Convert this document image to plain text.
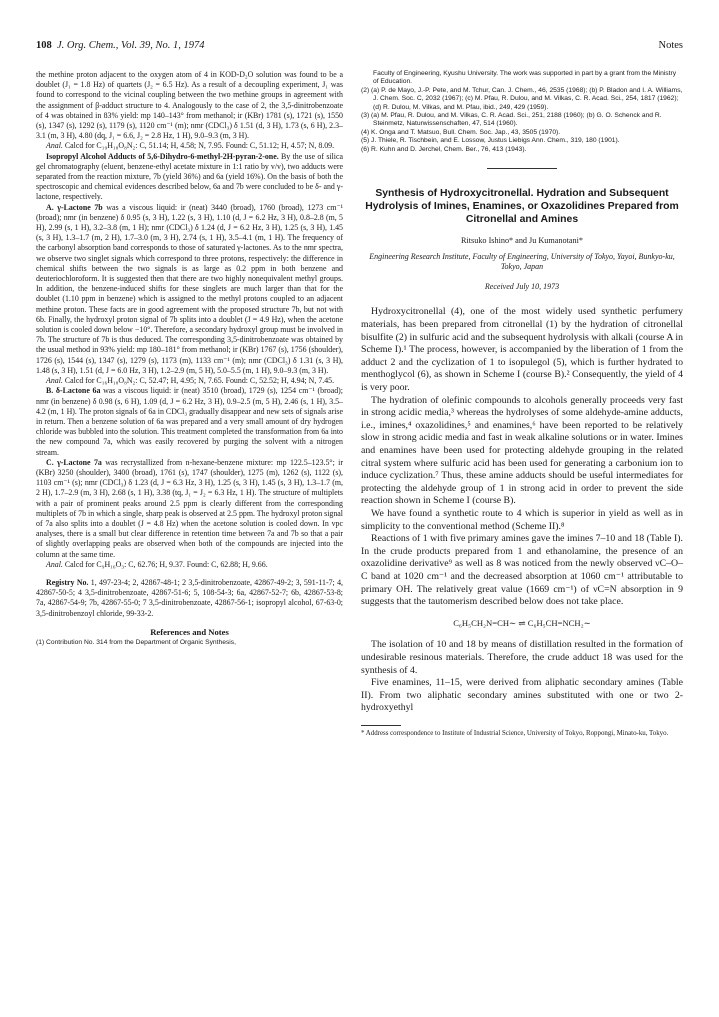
108 J. Org. Chem., Vol. 39, No. 1, 1974	Notes

the methine proton adjacent to the oxygen atom of 4 in KOD-D₂O solution was found to be a doublet (J₁ = 1.8 Hz) of quartets (J₂ = 6.5 Hz). As a result of a decoupling experiment, J₁ was found to correspond to the vicinal coupling between the two methine groups in agreement with the assignment of β-adduct structure to 4. Analogously to the case of 2, the 3,5-dinitrobenzoate of 4 was obtained in 83% yield: mp 140–143° from methanol; ir (KBr) 1781 (s), 1721 (s), 1550 (s), 1347 (s), 1292 (s), 1179 (s), 1120 cm⁻¹ (m); nmr (CDCl₃) δ 1.51 (d, 3 H), 1.73 (s, 6 H), 2.3–3.1 (m, 3 H), 4.80 (dq, J₁ = 6.6, J₂ = 2.8 Hz, 1 H), 9.0–9.3 (m, 3 H).

Anal. Calcd for C₁₉H₁₈O₈N₂: C, 51.14; H, 4.58; N, 7.95. Found: C, 51.12; H, 4.57; N, 8.09.

Isopropyl Alcohol Adducts of 5,6-Dihydro-6-methyl-2H-pyran-2-one. By the use of silica gel chromatography (eluent, benzene-ethyl acetate mixture in 1:1 ratio by v/v), two adducts were separated from the reaction mixture, 7b (yield 36%) and 6a (yield 16%). On the basis of both the spectroscopic and chemical evidences described below, 6a and 7b were concluded to be δ- and γ-lactone, respectively.

A. γ-Lactone 7b was a viscous liquid: ir (neat) 3440 (broad), 1760 (broad), 1273 cm⁻¹ (broad); nmr (in benzene) δ 0.95 (s, 3 H), 1.22 (s, 3 H), 1.10 (d, J = 6.2 Hz, 3 H), 0.8–2.8 (m, 5 H), 2.99 (s, 1 H), 3.2–3.8 (m, 1 H); nmr (CDCl₃) δ 1.24 (d, J = 6.2 Hz, 3 H), 1.25 (s, 3 H), 1.45 (s, 3 H), 1.3–1.7 (m, 2 H), 1.7–3.0 (m, 3 H), 2.74 (s, 1 H), 3.5–4.1 (m, 1 H). The frequency of the carbonyl absorption band corresponds to those of saturated γ-lactones. As to the nmr spectra, we observe two singlet signals which correspond to three protons, respectively: the difference in chemical shifts between the two signals is as large as 0.2 ppm in both benzene and deuteriochloroform. It is suggested then that there are two highly nonequivalent methyl groups. In addition, the benzene-induced shifts for these singlets are much larger than that for the doublet (1.10 ppm in benzene) which is assigned to the methyl protons coupled to an adjacent methine proton. These facts are in good agreement with the proposed structure 7b, but not with 6b. Finally, the hydroxyl proton signal of 7b splits into a doublet (J = 4.9 Hz), when the acetone solution is cooled down below −10°. Therefore, a secondary hydroxyl group must be involved in 7b. The structure of 7b is thus deduced. The corresponding 3,5-dinitrobenzoate was obtained by the usual method in 93% yield: mp 180–181° from methanol; ir (KBr) 1767 (s), 1756 (shoulder), 1726 (s), 1544 (s), 1347 (s), 1279 (s), 1173 (m), 1133 cm⁻¹ (m); nmr (CDCl₃) δ 1.31 (s, 3 H), 1.48 (s, 3 H), 1.51 (d, J = 6.0 Hz, 3 H), 1.2–2.9 (m, 5 H), 5.0–5.5 (m, 1 H), 9.0–9.3 (m, 3 H).

Anal. Calcd for C₁₆H₁₈O₈N₂: C, 52.47; H, 4.95; N, 7.65. Found: C, 52.52; H, 4.94; N, 7.45.

B. δ-Lactone 6a was a viscous liquid: ir (neat) 3510 (broad), 1729 (s), 1254 cm⁻¹ (broad); nmr (in benzene) δ 0.98 (s, 6 H), 1.09 (d, J = 6.2 Hz, 3 H), 0.9–2.5 (m, 5 H), 2.46 (s, 1 H), 3.5–4.2 (m, 1 H). The proton signals of 6a in CDCl₃ gradually disappear and new sets of signals arise in return. Then a benzene solution of 6a was prepared and a very small amount of dry hydrogen chloride was bubbled into the solution. This treatment completed the transformation from 6a into the new compound 7a, which was easily recovered by purging the solvent with a nitrogen stream.

C. γ-Lactone 7a was recrystallized from n-hexane-benzene mixture: mp 122.5–123.5°; ir (KBr) 3250 (shoulder), 3400 (broad), 1761 (s), 1747 (shoulder), 1275 (m), 1262 (s), 1122 (s), 1103 cm⁻¹ (s); nmr (CDCl₃) δ 1.23 (d, J = 6.3 Hz, 3 H), 1.25 (s, 3 H), 1.45 (s, 3 H), 1.3–1.7 (m, 2 H), 1.7–2.9 (m, 3 H), 2.68 (s, 1 H), 3.38 (tq, J₁ = J₂ = 6.3 Hz, 1 H). The structure of multiplets with a pair of prominent peaks around 2.5 ppm is clearly different from the corresponding multiplets of 7b in which a single, sharp peak is observed at 2.5 ppm. The hydroxyl proton signal of 7a also splits into a doublet (J = 4.8 Hz) when the acetone solution is cooled down. In vpc analyses, there is a small but clear difference in retention time between 7a and 7b so that a pair of slightly overlapping peaks are observed when both of the compounds are injected into the column at the same time.

Anal. Calcd for C₉H₁₆O₃: C, 62.76; H, 9.37. Found: C, 62.88; H, 9.66.

Registry No. 1, 497-23-4; 2, 42867-48-1; 2 3,5-dinitrobenzoate, 42867-49-2; 3, 591-11-7; 4, 42867-50-5; 4 3,5-dinitrobenzoate, 42867-51-6; 5, 108-54-3; 6a, 42867-52-7; 6b, 42867-53-8; 7a, 42867-54-9; 7b, 42867-55-0; 7 3,5-dinitrobenzoate, 42867-56-1; isopropyl alcohol, 67-63-0; 3,5-dinitrobenzoyl chloride, 99-33-2.

References and Notes
(1) Contribution No. 314 from the Department of Organic Synthesis,
Faculty of Engineering, Kyushu University. The work was supported in part by a grant from the Ministry of Education.
(2) (a) P. de Mayo, J.-P. Pete, and M. Tchur, Can. J. Chem., 46, 2535 (1968); (b) P. Bladon and I. A. Williams, J. Chem. Soc. C, 2032 (1967); (c) M. Pfau, R. Dulou, and M. Vilkas, C. R. Acad. Sci., 254, 1817 (1962); (d) R. Dulou, M. Vilkas, and M. Pfau, ibid., 249, 429 (1959).
(3) (a) M. Pfau, R. Dulou, and M. Vilkas, C. R. Acad. Sci., 251, 2188 (1960); (b) G. O. Schenck and R. Steinmetz, Naturwissenschaften, 47, 514 (1960).
(4) K. Onga and T. Matsuo, Bull. Chem. Soc. Jap., 43, 3505 (1970).
(5) J. Thiele, R. Tischbein, and E. Lossow, Justus Liebigs Ann. Chem., 319, 180 (1901).
(6) R. Kuhn and D. Jerchel, Chem. Ber., 76, 413 (1943).
Synthesis of Hydroxycitronellal. Hydration and Subsequent Hydrolysis of Imines, Enamines, or Oxazolidines Prepared from Citronellal and Amines
Ritsuko Ishino* and Ju Kumanotani*
Engineering Research Institute, Faculty of Engineering, University of Tokyo, Yayoi, Bunkyo-ku, Tokyo, Japan
Received July 10, 1973

Hydroxycitronellal (4), one of the most widely used synthetic perfumery materials, has been prepared from citronellal (1) by the hydration of citronellal bisulfite (2) in sulfuric acid and the subsequent hydrolysis with alkali (course A in Scheme I).¹ The process, however, is accompanied by the liberation of 1 from the adduct 2 and the cyclization of 1 to isopulegol (5), which is further hydrated to menthoglycol (6), as shown in Scheme I (course B).² Consequently, the yield of 4 is very poor.

The hydration of olefinic compounds to alcohols generally proceeds very fast in strong acidic media,³ whereas the hydrolyses of some aldehyde-amine adducts, i.e., imines,⁴ oxazolidines,⁵ and enamines,⁶ have been reported to be relatively slow in strong acidic media and fast in weak alkaline solutions or in water. Imines and enamines have been used for protecting aldehyde grouping in the related citral system where sulfuric acid has been used for generating a carbonium ion to induce cyclization.⁷ Thus, these amine adducts should be useful intermediates for protecting the aldehyde group of 1 in strong acid in order to prevent the side reaction shown in Scheme I (course B).

We have found a synthetic route to 4 which is superior in yield as well as in simplicity to the conventional method (Scheme II).⁸

Reactions of 1 with five primary amines gave the imines 7–10 and 18 (Table I). In the crude products prepared from 1 and ethanolamine, the presence of an oxazolidine derivative⁹ as well as 8 was noticed from the newly observed νC–O–C band at 1020 cm⁻¹ and the decreased absorption at 1060 cm⁻¹ attributable to primary OH. The relatively great value (1669 cm⁻¹) of νC=N absorption in 9 suggests that the tautomerism described below does not take place.

C₆H₅CH₂N=CH∼ ⇌ C₆H₅CH=NCH₂∼

The isolation of 10 and 18 by means of distillation resulted in the formation of undesirable resinous materials. Therefore, the crude adduct 18 was used for the synthesis of 4.

Five enamines, 11–15, were derived from aliphatic secondary amines (Table II). From two aliphatic secondary amines substituted with one or two 2-hydroxyethyl

* Address correspondence to Institute of Industrial Science, University of Tokyo, Roppongi, Minato-ku, Tokyo.
